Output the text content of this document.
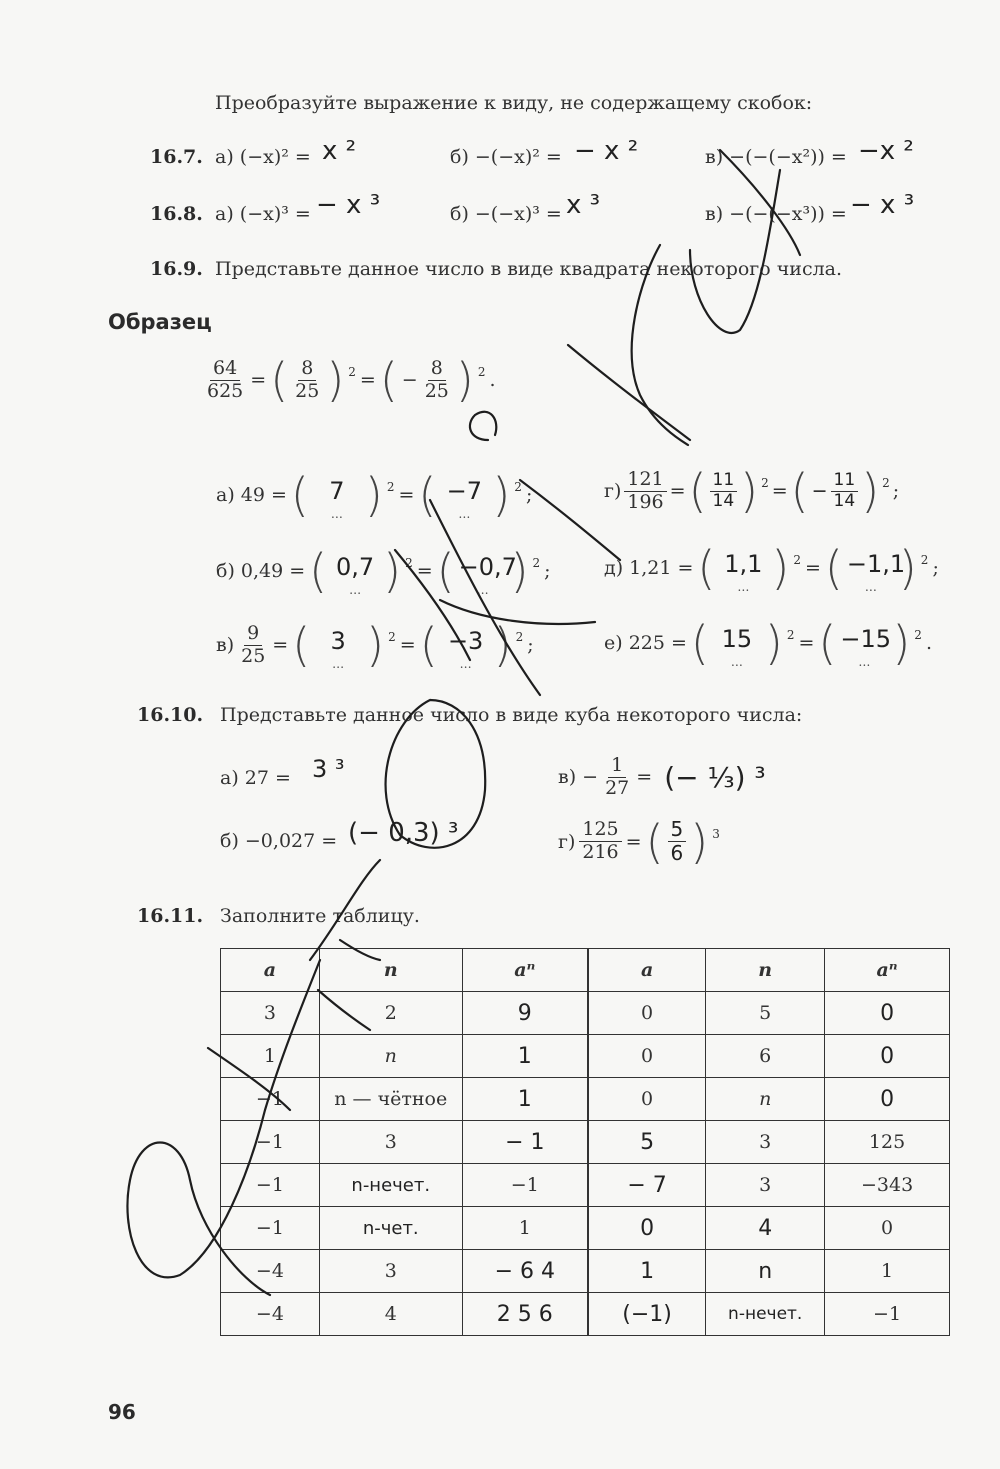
Преобразуйте выражение к виду, не содержащему скобок:
16.7. а) (−x)² = x ²	б) −(−x)² = − x ²	в) −(−(−x²)) = −x ²
16.8. а) (−x)³ = − x ³	б) −(−x)³ = x ³	в) −(−(−x³)) = − x ³
16.9. Представьте данное число в виде квадрата некоторого числа.
Образец
$\frac{64}{625}$ = ( $\frac{8}{25}$ ) 2 = ( − $\frac{8}{25}$ ) 2 .
а) 49 = ( 7
… ) 2 = ( −7
… ) 2 ;
б) 0,49 = ( 0,7
… ) 2 = ( −0,7
… ) 2 ;
$в) \frac{9}{25}$ = ( 3
… ) 2 = ( −3
… ) 2 ;
$г) \frac{121}{196}$ = ( $\frac{11}{14}$ ) 2 = ( − $\frac{11}{14}$ ) 2 ;
д) 1,21 = ( 1,1
… ) 2 = ( −1,1
… ) 2 ;
е) 225 = ( 15
… ) 2 = ( −15
… ) 2 .
16.10. Представьте данное число в виде куба некоторого числа:
а) 27 = 3 ³
б) −0,027 = (− 0,3) ³
$в) - \frac{1}{27}$ = (− ⅓) ³
$г) \frac{125}{216}$ = ( $\frac{5}{6}$ ) 3
16.11. Заполните таблицу.
a	n	aⁿ	a	n	aⁿ
3	2	9	0	5	0
1	n	1	0	6	0
−1	n — чётное	1	0	n	0
−1	3	− 1	5	3	125
−1	n-нечет.	−1	− 7	3	−343
−1	n-чет.	1	0	4	0
−4	3	− 6 4	1	n	1
−4	4	2 5 6	(−1)	n-нечет.	−1
96
